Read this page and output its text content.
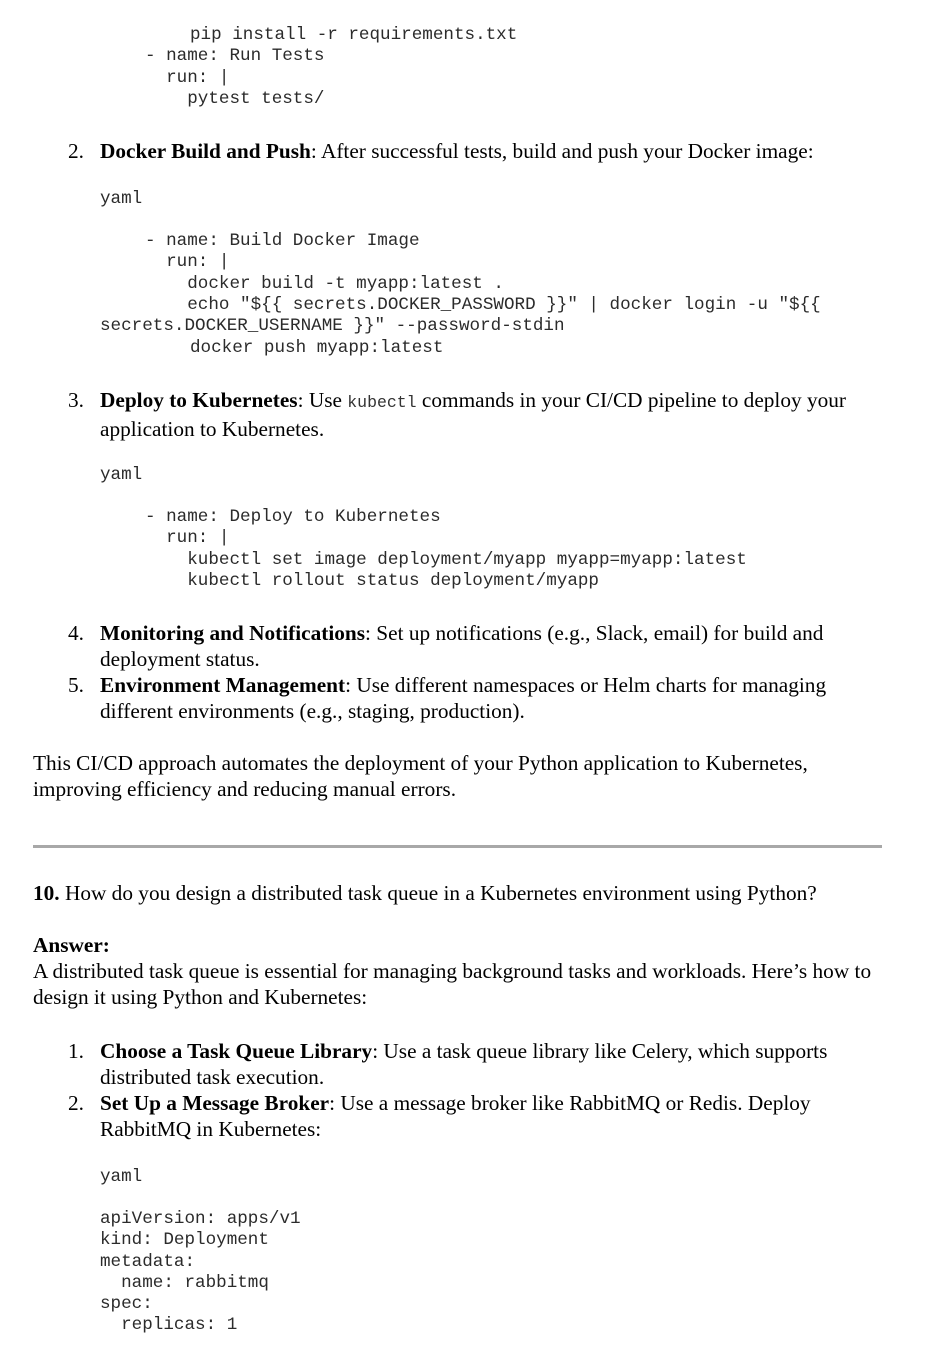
pip install -r requirements.txt
- name: Run Tests
run: |
pytest tests/
2. Docker Build and Push: After successful tests, build and push your Docker image:
yaml
- name: Build Docker Image
run: |
docker build -t myapp:latest .
echo "${{ secrets.DOCKER_PASSWORD }}" | docker login -u "${{
secrets.DOCKER_USERNAME }}" --password-stdin
docker push myapp:latest
3. Deploy to Kubernetes: Use kubectl commands in your CI/CD pipeline to deploy your application to Kubernetes.
yaml
- name: Deploy to Kubernetes
run: |
kubectl set image deployment/myapp myapp=myapp:latest
kubectl rollout status deployment/myapp
4. Monitoring and Notifications: Set up notifications (e.g., Slack, email) for build and deployment status.
5. Environment Management: Use different namespaces or Helm charts for managing different environments (e.g., staging, production).
This CI/CD approach automates the deployment of your Python application to Kubernetes, improving efficiency and reducing manual errors.
10. How do you design a distributed task queue in a Kubernetes environment using Python?
Answer:
A distributed task queue is essential for managing background tasks and workloads. Here’s how to design it using Python and Kubernetes:
1. Choose a Task Queue Library: Use a task queue library like Celery, which supports distributed task execution.
2. Set Up a Message Broker: Use a message broker like RabbitMQ or Redis. Deploy RabbitMQ in Kubernetes:
yaml
apiVersion: apps/v1
kind: Deployment
metadata:
name: rabbitmq
spec:
replicas: 1
